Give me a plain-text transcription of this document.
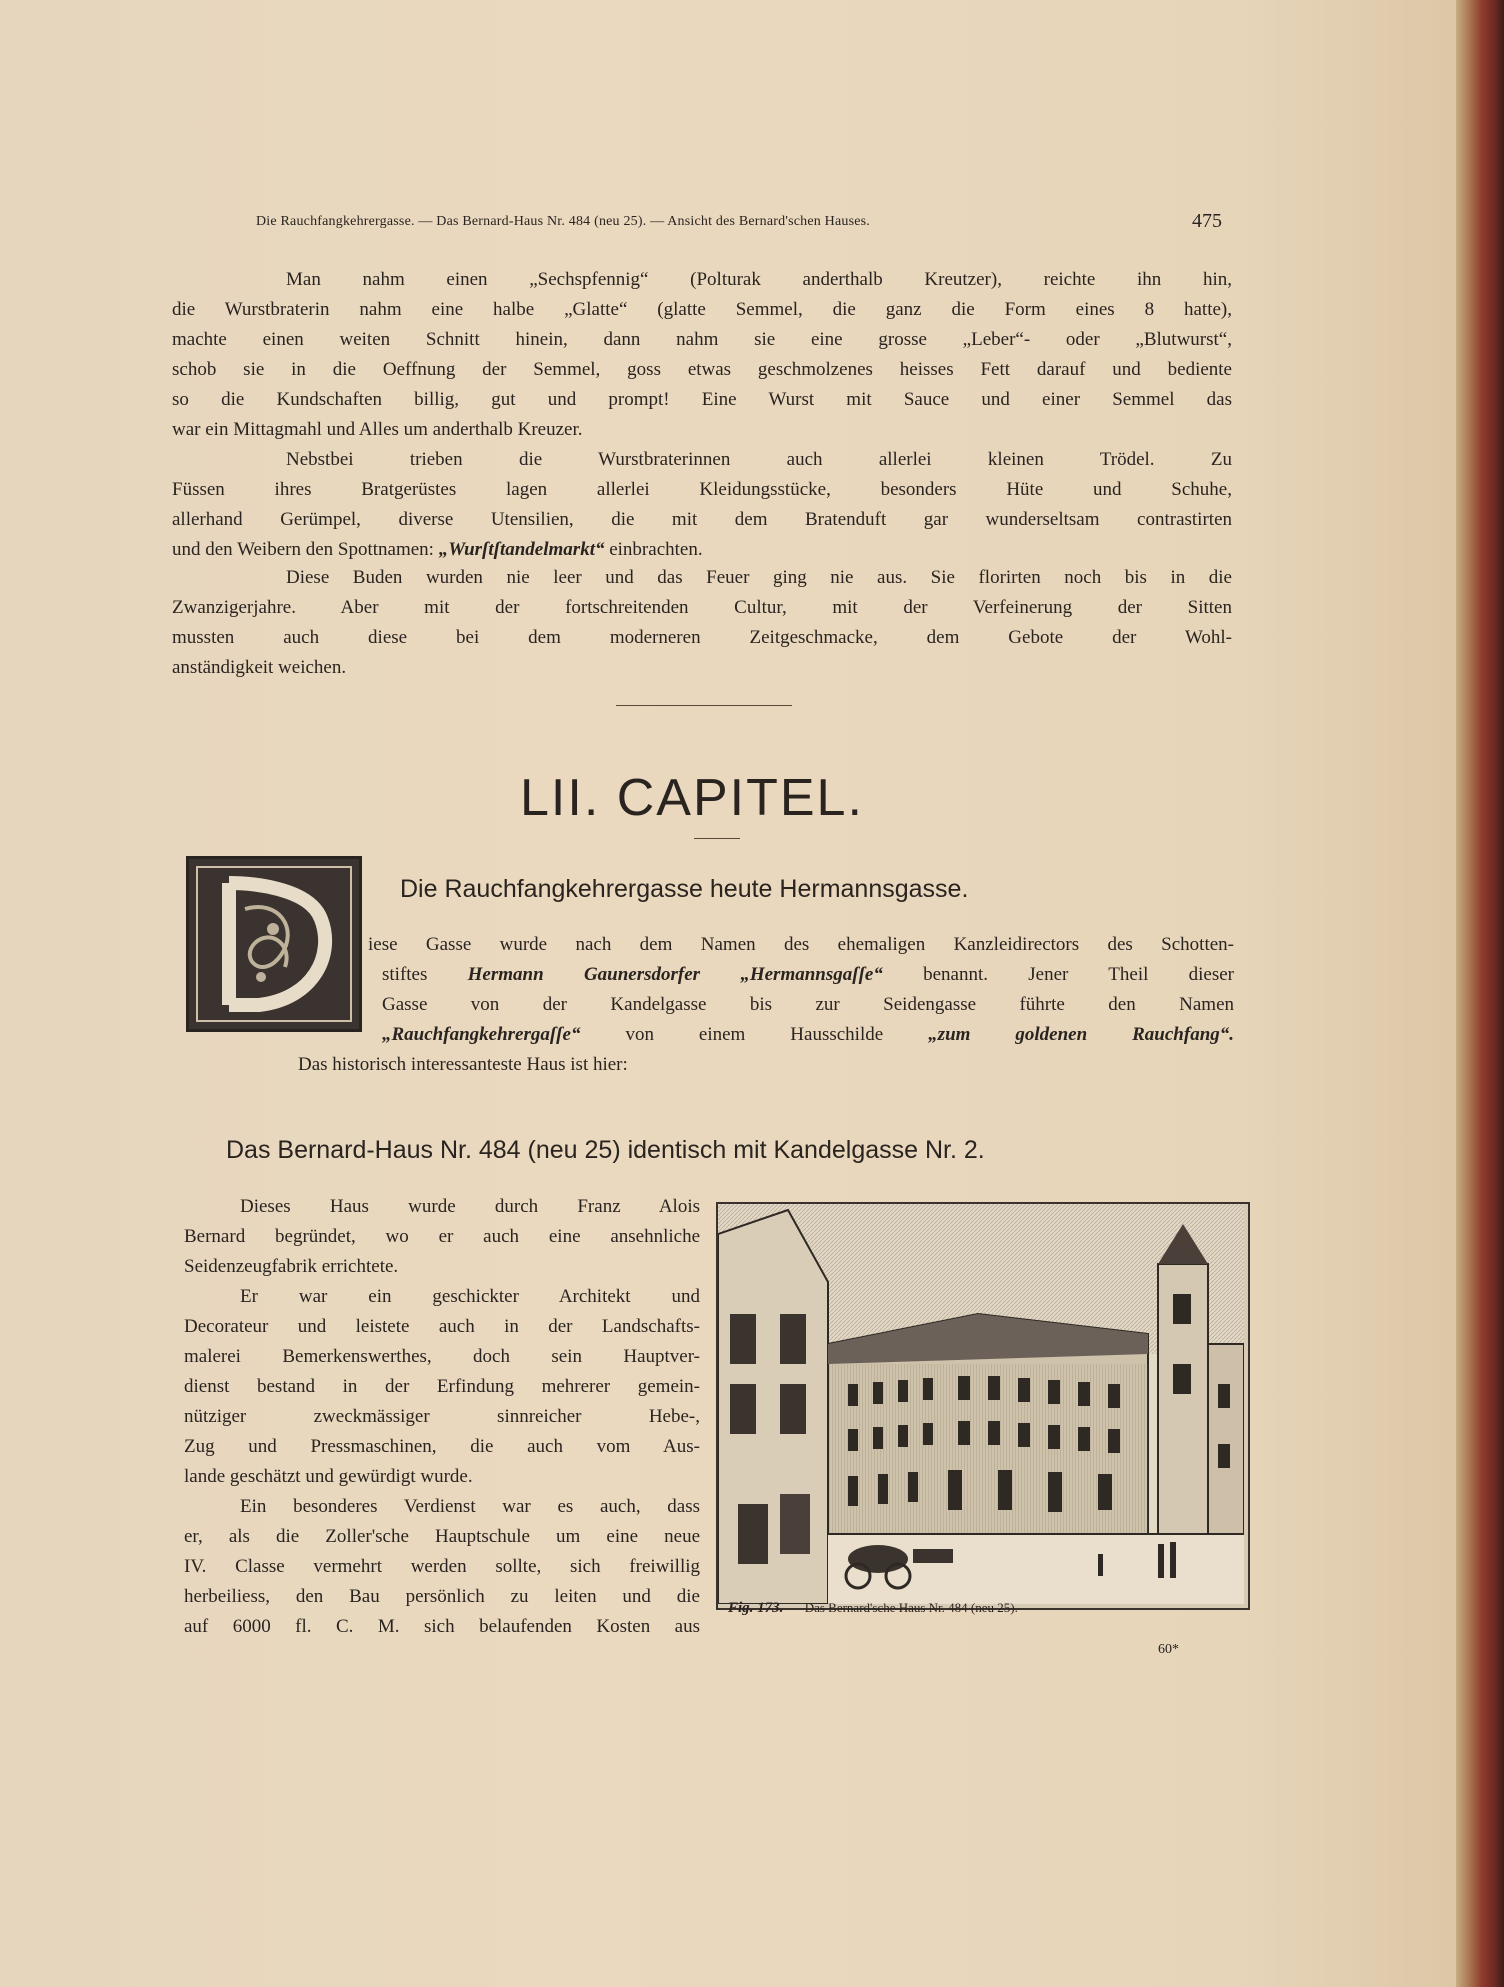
Die Rauchfangkehrergasse. — Das Bernard-Haus Nr. 484 (neu 25). — Ansicht des Bernard'schen Hauses.	475

Man nahm einen „Sechspfennig“ (Polturak anderthalb Kreutzer), reichte ihn hin,

die Wurstbraterin nahm eine halbe „Glatte“ (glatte Semmel, die ganz die Form eines 8 hatte),

machte einen weiten Schnitt hinein, dann nahm sie eine grosse „Leber“- oder „Blutwurst“,

schob sie in die Oeffnung der Semmel, goss etwas geschmolzenes heisses Fett darauf und bediente

so die Kundschaften billig, gut und prompt! Eine Wurst mit Sauce und einer Semmel das

war ein Mittagmahl und Alles um anderthalb Kreuzer.

Nebstbei trieben die Wurstbraterinnen auch allerlei kleinen Trödel. Zu

Füssen ihres Bratgerüstes lagen allerlei Kleidungsstücke, besonders Hüte und Schuhe,

allerhand Gerümpel, diverse Utensilien, die mit dem Bratenduft gar wunderseltsam contrastirten

und den Weibern den Spottnamen: „Wurſtſtandelmarkt“ einbrachten.

Diese Buden wurden nie leer und das Feuer ging nie aus. Sie florirten noch bis in die

Zwanzigerjahre. Aber mit der fortschreitenden Cultur, mit der Verfeinerung der Sitten

mussten auch diese bei dem moderneren Zeitgeschmacke, dem Gebote der Wohl-

anständigkeit weichen.

LII. CAPITEL.
Die Rauchfangkehrergasse heute Hermannsgasse.

iese Gasse wurde nach dem Namen des ehemaligen Kanzleidirectors des Schotten-

stiftes Hermann Gaunersdorfer „Hermannsgaſſe“ benannt. Jener Theil dieser

Gasse von der Kandelgasse bis zur Seidengasse führte den Namen

„Rauchfangkehrergaſſe“ von einem Hausschilde „zum goldenen Rauchfang“.

Das historisch interessanteste Haus ist hier:
Das Bernard-Haus Nr. 484 (neu 25) identisch mit Kandelgasse Nr. 2.

Dieses Haus wurde durch Franz Alois

Bernard begründet, wo er auch eine ansehnliche

Seidenzeugfabrik errichtete.

Er war ein geschickter Architekt und

Decorateur und leistete auch in der Landschafts-

malerei Bemerkenswerthes, doch sein Hauptver-

dienst bestand in der Erfindung mehrerer gemein-

nütziger zweckmässiger sinnreicher Hebe-,

Zug und Pressmaschinen, die auch vom Aus-

lande geschätzt und gewürdigt wurde.

Ein besonderes Verdienst war es auch, dass

er, als die Zoller'sche Hauptschule um eine neue

IV. Classe vermehrt werden sollte, sich freiwillig

herbeiliess, den Bau persönlich zu leiten und die

auf 6000 fl. C. M. sich belaufenden Kosten aus

Fig. 173. Das Bernard'sche Haus Nr. 484 (neu 25).
60*
